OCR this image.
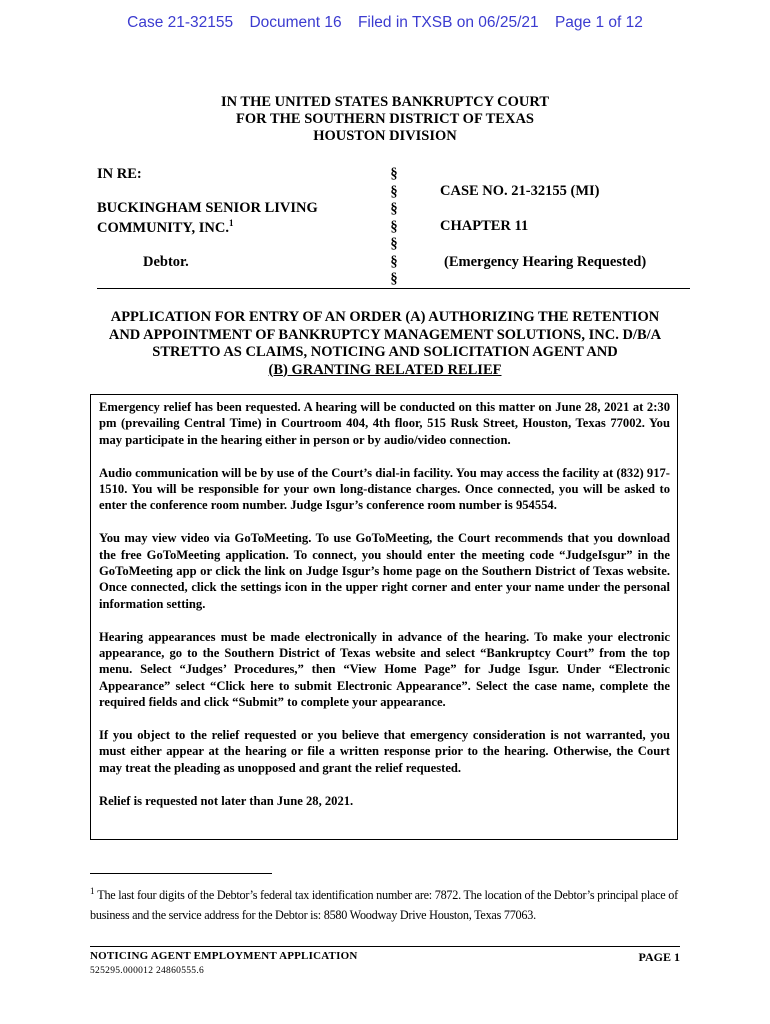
Case 21-32155 Document 16 Filed in TXSB on 06/25/21 Page 1 of 12
IN THE UNITED STATES BANKRUPTCY COURT
FOR THE SOUTHERN DISTRICT OF TEXAS
HOUSTON DIVISION
IN RE:
BUCKINGHAM SENIOR LIVING
COMMUNITY, INC.$^1$
Debtor.
§
§
§
§
§
§
§
CASE NO. 21-32155 (MI)
CHAPTER 11
(Emergency Hearing Requested)
APPLICATION FOR ENTRY OF AN ORDER (A) AUTHORIZING THE RETENTION
AND APPOINTMENT OF BANKRUPTCY MANAGEMENT SOLUTIONS, INC. D/B/A
STRETTO AS CLAIMS, NOTICING AND SOLICITATION AGENT AND
(B) GRANTING RELATED RELIEF

Emergency relief has been requested. A hearing will be conducted on this matter on June 28, 2021 at 2:30 pm (prevailing Central Time) in Courtroom 404, 4th floor, 515 Rusk Street, Houston, Texas 77002. You may participate in the hearing either in person or by audio/video connection.

Audio communication will be by use of the Court’s dial-in facility. You may access the facility at (832) 917-1510. You will be responsible for your own long-distance charges. Once connected, you will be asked to enter the conference room number. Judge Isgur’s conference room number is 954554.

You may view video via GoToMeeting. To use GoToMeeting, the Court recommends that you download the free GoToMeeting application. To connect, you should enter the meeting code “JudgeIsgur” in the GoToMeeting app or click the link on Judge Isgur’s home page on the Southern District of Texas website. Once connected, click the settings icon in the upper right corner and enter your name under the personal information setting.

Hearing appearances must be made electronically in advance of the hearing. To make your electronic appearance, go to the Southern District of Texas website and select “Bankruptcy Court” from the top menu. Select “Judges’ Procedures,” then “View Home Page” for Judge Isgur. Under “Electronic Appearance” select “Click here to submit Electronic Appearance”. Select the case name, complete the required fields and click “Submit” to complete your appearance.

If you object to the relief requested or you believe that emergency consideration is not warranted, you must either appear at the hearing or file a written response prior to the hearing. Otherwise, the Court may treat the pleading as unopposed and grant the relief requested.

Relief is requested not later than June 28, 2021.

$^1$ The last four digits of the Debtor’s federal tax identification number are: 7872. The location of the Debtor’s principal place of business and the service address for the Debtor is: 8580 Woodway Drive Houston, Texas 77063.
NOTICING AGENT EMPLOYMENT APPLICATION	PAGE 1
525295.000012 24860555.6
